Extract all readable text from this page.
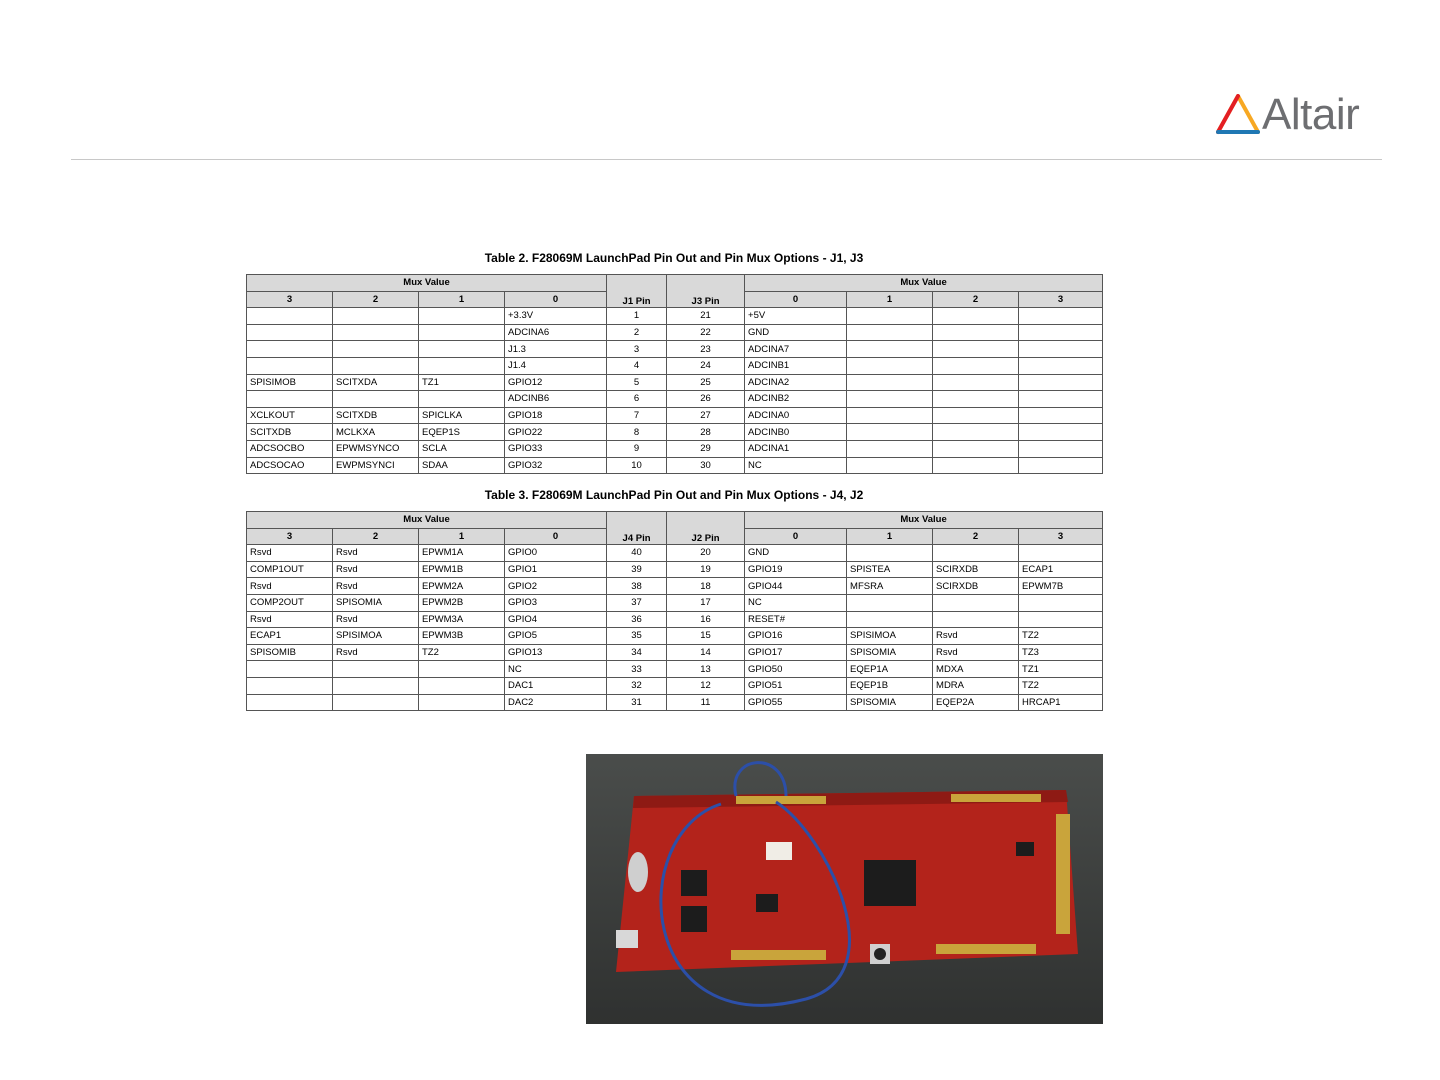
Altair
Table 2. F28069M LaunchPad Pin Out and Pin Mux Options - J1, J3
Mux Value				J1 Pin	J3 Pin	Mux Value			
3	2	1	0			0	1	2	3
			+3.3V	1	21	+5V			
			ADCINA6	2	22	GND			
			J1.3	3	23	ADCINA7			
			J1.4	4	24	ADCINB1			
SPISIMOB	SCITXDA	TZ1	GPIO12	5	25	ADCINA2			
			ADCINB6	6	26	ADCINB2			
XCLKOUT	SCITXDB	SPICLKA	GPIO18	7	27	ADCINA0			
SCITXDB	MCLKXA	EQEP1S	GPIO22	8	28	ADCINB0			
ADCSOCBO	EPWMSYNCO	SCLA	GPIO33	9	29	ADCINA1			
ADCSOCAO	EWPMSYNCI	SDAA	GPIO32	10	30	NC			
Table 3. F28069M LaunchPad Pin Out and Pin Mux Options - J4, J2
Mux Value				J4 Pin	J2 Pin	Mux Value			
3	2	1	0			0	1	2	3
Rsvd	Rsvd	EPWM1A	GPIO0	40	20	GND			
COMP1OUT	Rsvd	EPWM1B	GPIO1	39	19	GPIO19	SPISTEA	SCIRXDB	ECAP1
Rsvd	Rsvd	EPWM2A	GPIO2	38	18	GPIO44	MFSRA	SCIRXDB	EPWM7B
COMP2OUT	SPISOMIA	EPWM2B	GPIO3	37	17	NC			
Rsvd	Rsvd	EPWM3A	GPIO4	36	16	RESET#			
ECAP1	SPISIMOA	EPWM3B	GPIO5	35	15	GPIO16	SPISIMOA	Rsvd	TZ2
SPISOMIB	Rsvd	TZ2	GPIO13	34	14	GPIO17	SPISOMIA	Rsvd	TZ3
			NC	33	13	GPIO50	EQEP1A	MDXA	TZ1
			DAC1	32	12	GPIO51	EQEP1B	MDRA	TZ2
			DAC2	31	11	GPIO55	SPISOMIA	EQEP2A	HRCAP1
